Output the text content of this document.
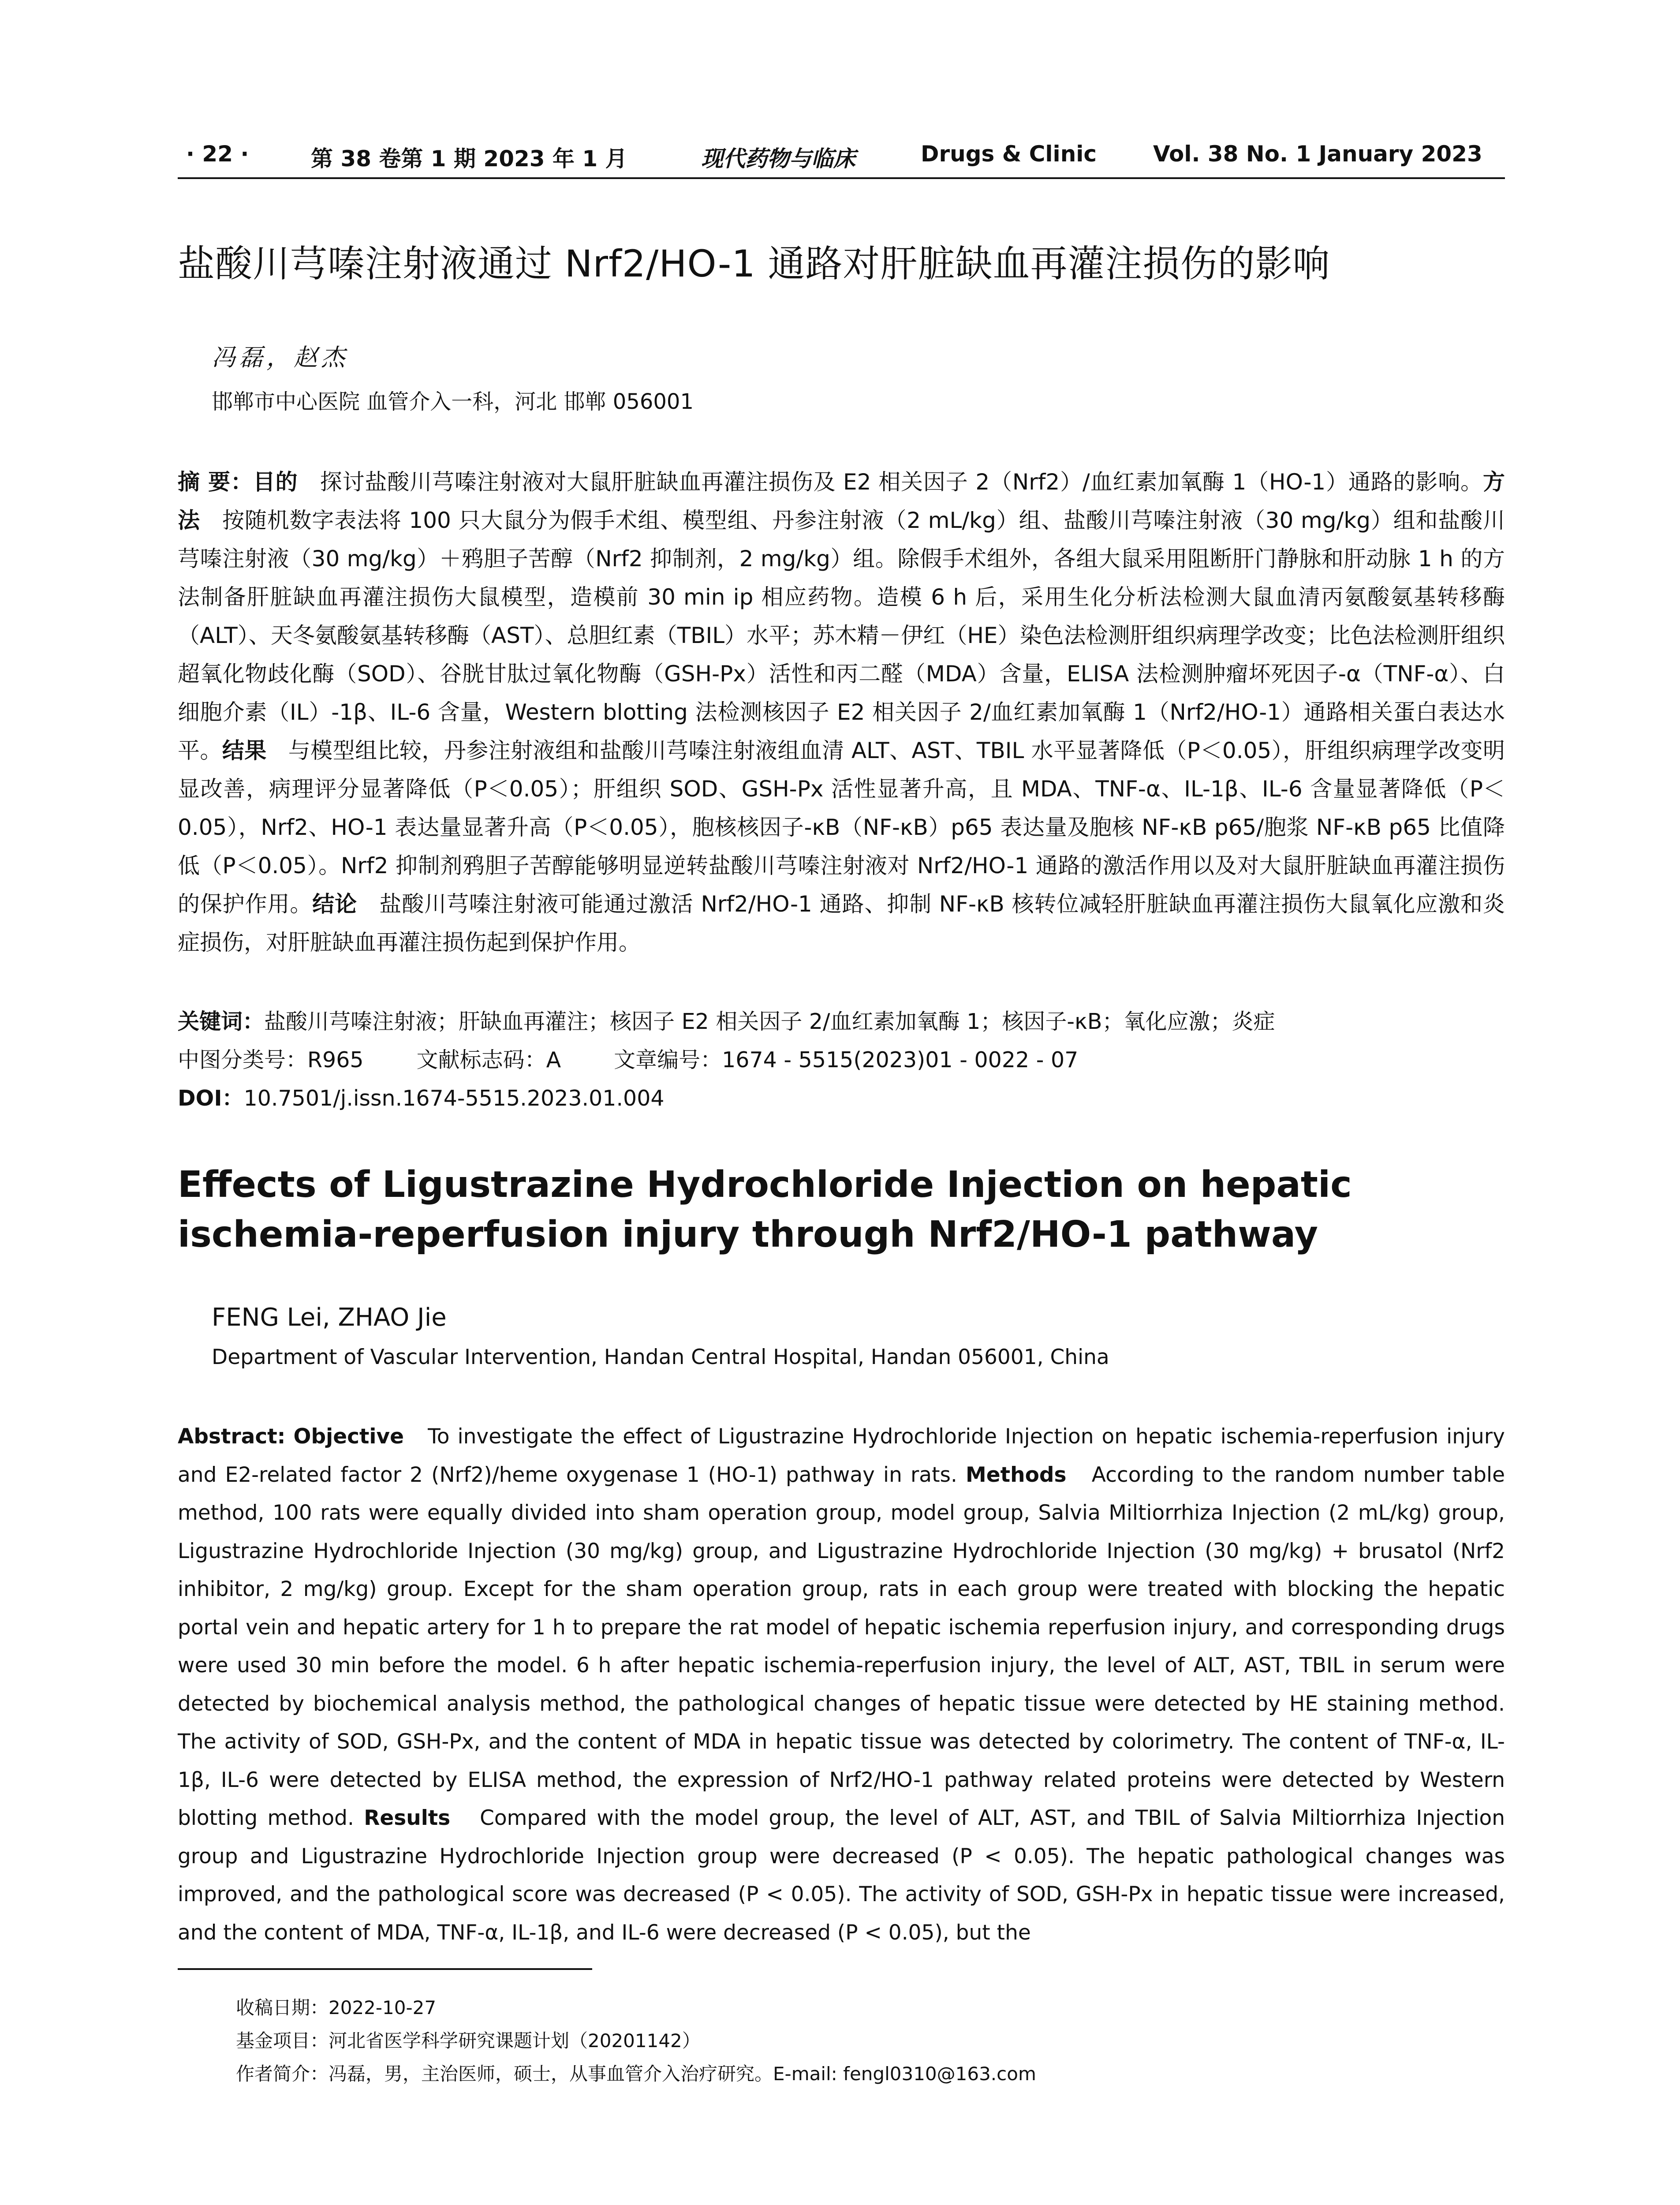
· 22 ·	第 38 卷第 1 期 2023 年 1 月	现代药物与临床	Drugs & Clinic	Vol. 38 No. 1 January 2023
盐酸川芎嗪注射液通过 Nrf2/HO-1 通路对肝脏缺血再灌注损伤的影响
冯磊，赵杰
邯郸市中心医院 血管介入一科，河北 邯郸 056001
摘 要：目的 探讨盐酸川芎嗪注射液对大鼠肝脏缺血再灌注损伤及 E2 相关因子 2（Nrf2）/血红素加氧酶 1（HO-1）通路的影响。方法 按随机数字表法将 100 只大鼠分为假手术组、模型组、丹参注射液（2 mL/kg）组、盐酸川芎嗪注射液（30 mg/kg）组和盐酸川芎嗪注射液（30 mg/kg）＋鸦胆子苦醇（Nrf2 抑制剂，2 mg/kg）组。除假手术组外，各组大鼠采用阻断肝门静脉和肝动脉 1 h 的方法制备肝脏缺血再灌注损伤大鼠模型，造模前 30 min ip 相应药物。造模 6 h 后，采用生化分析法检测大鼠血清丙氨酸氨基转移酶（ALT）、天冬氨酸氨基转移酶（AST）、总胆红素（TBIL）水平；苏木精－伊红（HE）染色法检测肝组织病理学改变；比色法检测肝组织超氧化物歧化酶（SOD）、谷胱甘肽过氧化物酶（GSH-Px）活性和丙二醛（MDA）含量，ELISA 法检测肿瘤坏死因子-α（TNF-α）、白细胞介素（IL）-1β、IL-6 含量，Western blotting 法检测核因子 E2 相关因子 2/血红素加氧酶 1（Nrf2/HO-1）通路相关蛋白表达水平。结果 与模型组比较，丹参注射液组和盐酸川芎嗪注射液组血清 ALT、AST、TBIL 水平显著降低（P＜0.05），肝组织病理学改变明显改善，病理评分显著降低（P＜0.05）；肝组织 SOD、GSH-Px 活性显著升高，且 MDA、TNF-α、IL-1β、IL-6 含量显著降低（P＜0.05），Nrf2、HO-1 表达量显著升高（P＜0.05），胞核核因子-κB（NF-κB）p65 表达量及胞核 NF-κB p65/胞浆 NF-κB p65 比值降低（P＜0.05）。Nrf2 抑制剂鸦胆子苦醇能够明显逆转盐酸川芎嗪注射液对 Nrf2/HO-1 通路的激活作用以及对大鼠肝脏缺血再灌注损伤的保护作用。结论 盐酸川芎嗪注射液可能通过激活 Nrf2/HO-1 通路、抑制 NF-κB 核转位减轻肝脏缺血再灌注损伤大鼠氧化应激和炎症损伤，对肝脏缺血再灌注损伤起到保护作用。
关键词：盐酸川芎嗪注射液；肝缺血再灌注；核因子 E2 相关因子 2/血红素加氧酶 1；核因子-κB；氧化应激；炎症
中图分类号：R965 文献标志码：A 文章编号：1674 - 5515(2023)01 - 0022 - 07
DOI：10.7501/j.issn.1674-5515.2023.01.004
Effects of Ligustrazine Hydrochloride Injection on hepatic ischemia-reperfusion injury through Nrf2/HO-1 pathway
FENG Lei, ZHAO Jie
Department of Vascular Intervention, Handan Central Hospital, Handan 056001, China
Abstract: Objective To investigate the effect of Ligustrazine Hydrochloride Injection on hepatic ischemia-reperfusion injury and E2-related factor 2 (Nrf2)/heme oxygenase 1 (HO-1) pathway in rats. Methods According to the random number table method, 100 rats were equally divided into sham operation group, model group, Salvia Miltiorrhiza Injection (2 mL/kg) group, Ligustrazine Hydrochloride Injection (30 mg/kg) group, and Ligustrazine Hydrochloride Injection (30 mg/kg) + brusatol (Nrf2 inhibitor, 2 mg/kg) group. Except for the sham operation group, rats in each group were treated with blocking the hepatic portal vein and hepatic artery for 1 h to prepare the rat model of hepatic ischemia reperfusion injury, and corresponding drugs were used 30 min before the model. 6 h after hepatic ischemia-reperfusion injury, the level of ALT, AST, TBIL in serum were detected by biochemical analysis method, the pathological changes of hepatic tissue were detected by HE staining method. The activity of SOD, GSH-Px, and the content of MDA in hepatic tissue was detected by colorimetry. The content of TNF-α, IL-1β, IL-6 were detected by ELISA method, the expression of Nrf2/HO-1 pathway related proteins were detected by Western blotting method. Results Compared with the model group, the level of ALT, AST, and TBIL of Salvia Miltiorrhiza Injection group and Ligustrazine Hydrochloride Injection group were decreased (P < 0.05). The hepatic pathological changes was improved, and the pathological score was decreased (P < 0.05). The activity of SOD, GSH-Px in hepatic tissue were increased, and the content of MDA, TNF-α, IL-1β, and IL-6 were decreased (P < 0.05), but the
收稿日期：2022-10-27
基金项目：河北省医学科学研究课题计划（20201142）
作者简介：冯磊，男，主治医师，硕士，从事血管介入治疗研究。E-mail: fengl0310@163.com
